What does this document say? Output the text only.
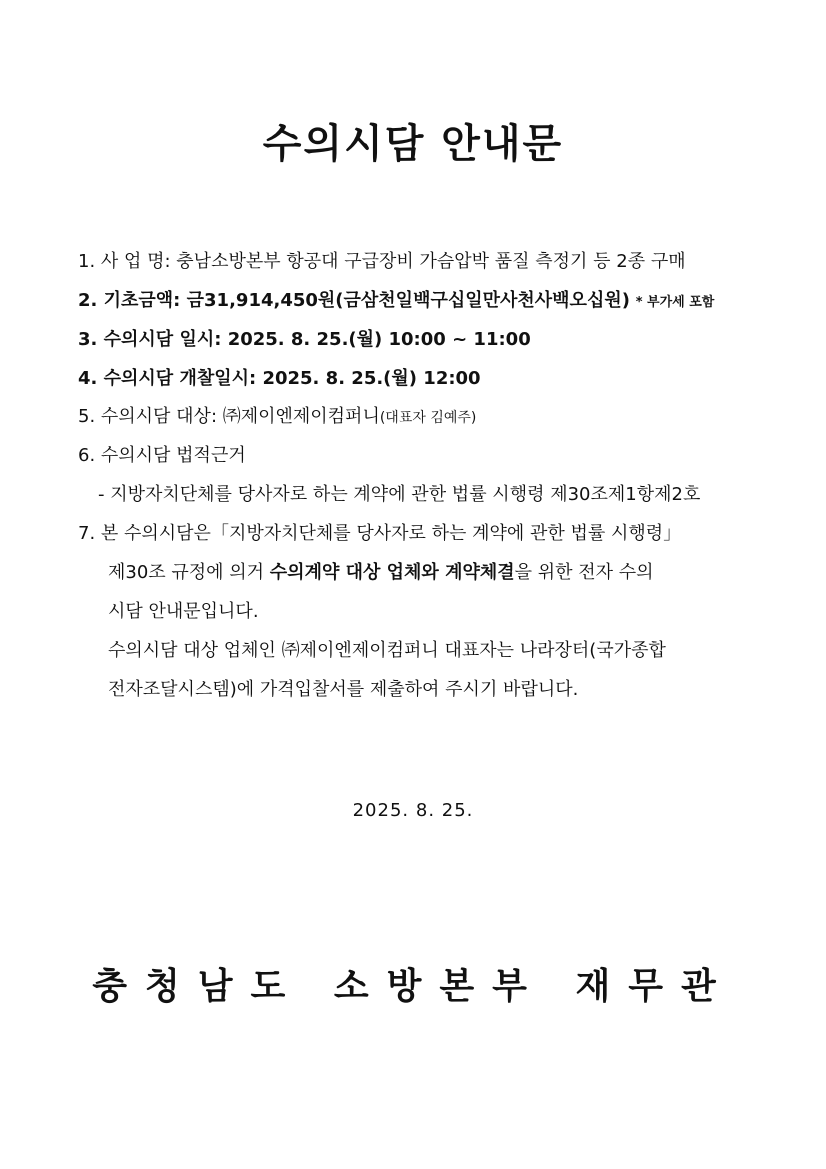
수의시담 안내문
1. 사 업 명: 충남소방본부 항공대 구급장비 가슴압박 품질 측정기 등 2종 구매
2. 기초금액: 금31,914,450원(금삼천일백구십일만사천사백오십원) * 부가세 포함
3. 수의시담 일시: 2025. 8. 25.(월) 10:00 ~ 11:00
4. 수의시담 개찰일시: 2025. 8. 25.(월) 12:00
5. 수의시담 대상: ㈜제이엔제이컴퍼니(대표자 김예주)
6. 수의시담 법적근거
- 지방자치단체를 당사자로 하는 계약에 관한 법률 시행령 제30조제1항제2호
7. 본 수의시담은「지방자치단체를 당사자로 하는 계약에 관한 법률 시행령」
제30조 규정에 의거 수의계약 대상 업체와 계약체결을 위한 전자 수의
시담 안내문입니다.
수의시담 대상 업체인 ㈜제이엔제이컴퍼니 대표자는 나라장터(국가종합
전자조달시스템)에 가격입찰서를 제출하여 주시기 바랍니다.
2025. 8. 25.
충청남도 소방본부 재무관
